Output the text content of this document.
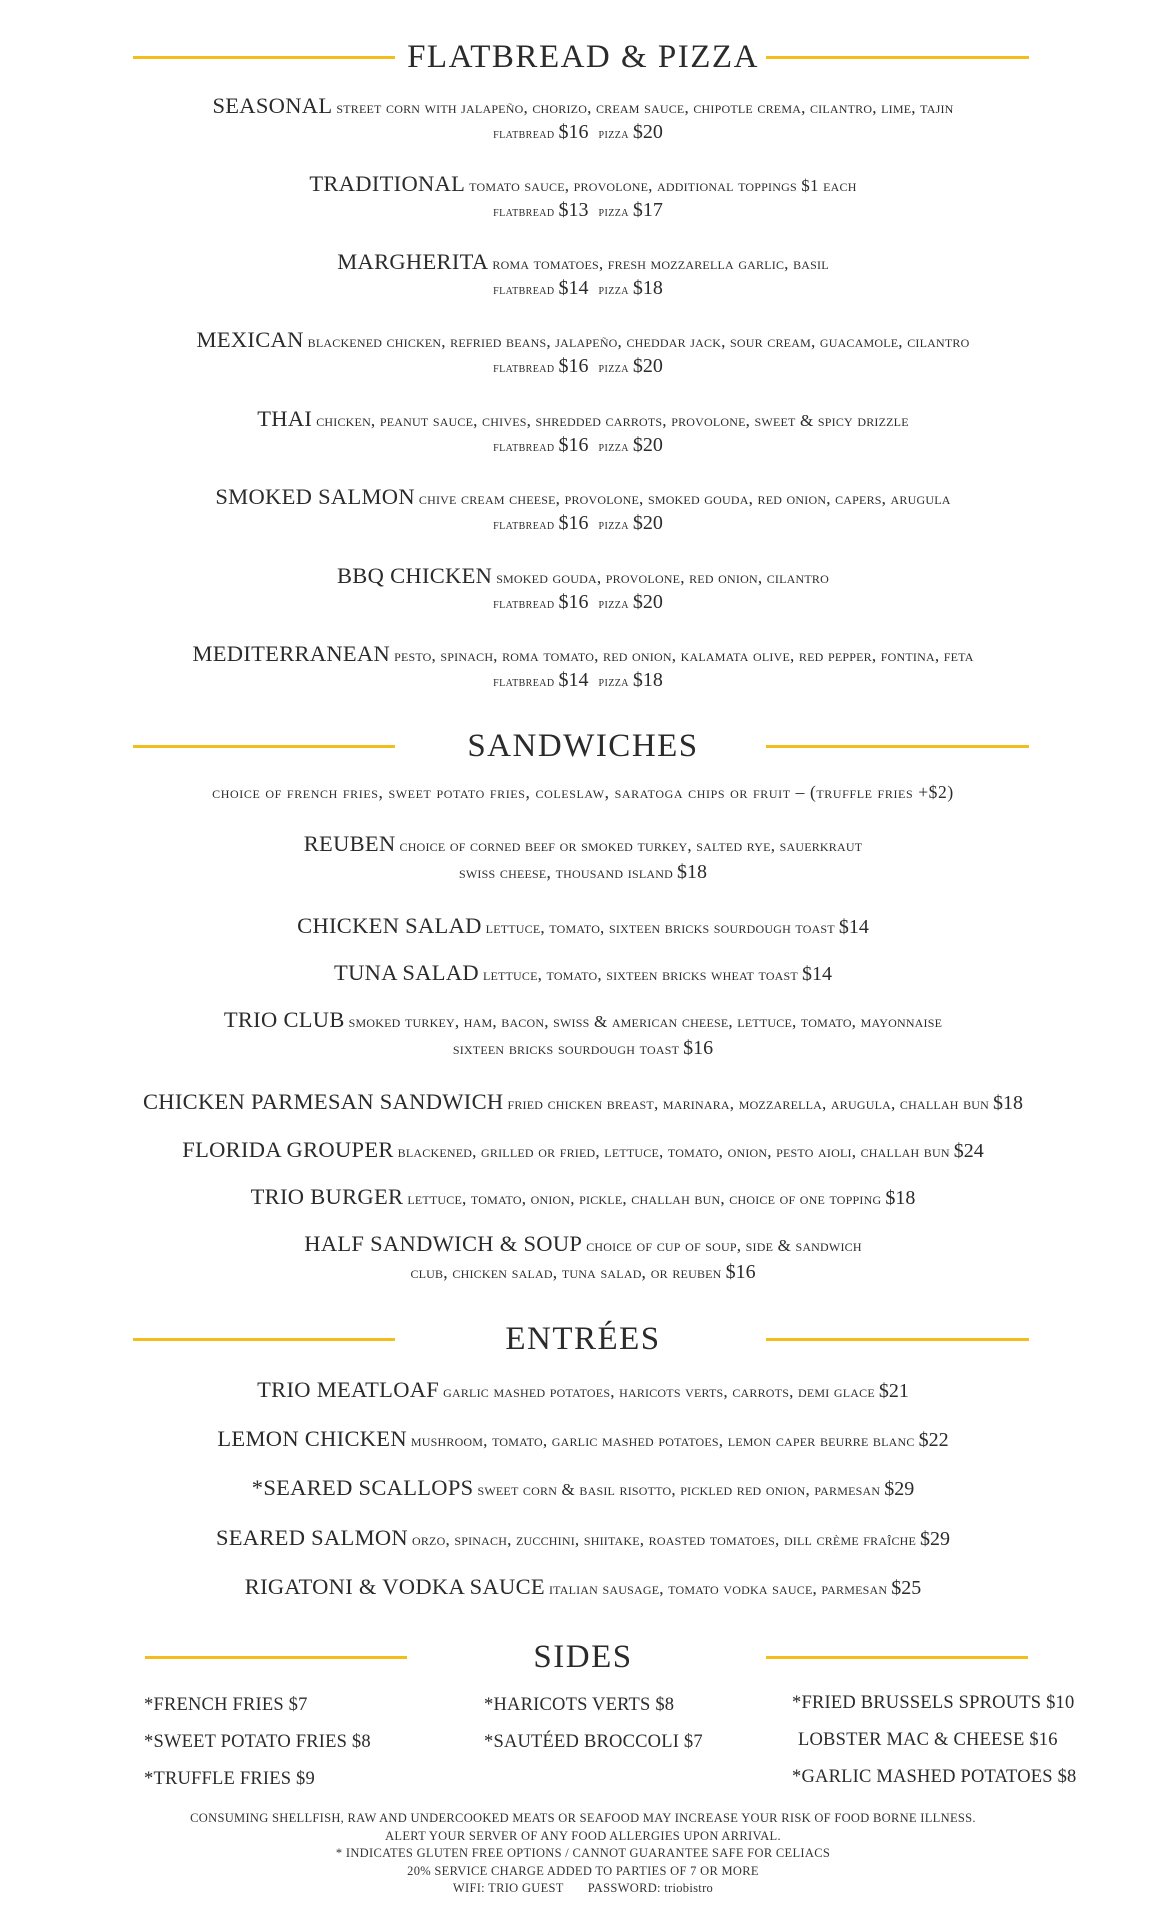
FLATBREAD & PIZZA
SEASONAL street corn with jalapeño, chorizo, cream sauce, chipotle crema, cilantro, lime, tajin
flatbread $16 pizza $20
TRADITIONAL tomato sauce, provolone, additional toppings $1 each
flatbread $13 pizza $17
MARGHERITA roma tomatoes, fresh mozzarella garlic, basil
flatbread $14 pizza $18
MEXICAN blackened chicken, refried beans, jalapeño, cheddar jack, sour cream, guacamole, cilantro
flatbread $16 pizza $20
THAI chicken, peanut sauce, chives, shredded carrots, provolone, sweet & spicy drizzle
flatbread $16 pizza $20
SMOKED SALMON chive cream cheese, provolone, smoked gouda, red onion, capers, arugula
flatbread $16 pizza $20
BBQ CHICKEN smoked gouda, provolone, red onion, cilantro
flatbread $16 pizza $20
MEDITERRANEAN pesto, spinach, roma tomato, red onion, kalamata olive, red pepper, fontina, feta
flatbread $14 pizza $18
SANDWICHES
choice of french fries, sweet potato fries, coleslaw, saratoga chips or fruit – (truffle fries +$2)
REUBEN choice of corned beef or smoked turkey, salted rye, sauerkraut
swiss cheese, thousand island $18
CHICKEN SALAD lettuce, tomato, sixteen bricks sourdough toast $14
TUNA SALAD lettuce, tomato, sixteen bricks wheat toast $14
TRIO CLUB smoked turkey, ham, bacon, swiss & american cheese, lettuce, tomato, mayonnaise
sixteen bricks sourdough toast $16
CHICKEN PARMESAN SANDWICH fried chicken breast, marinara, mozzarella, arugula, challah bun $18
FLORIDA GROUPER blackened, grilled or fried, lettuce, tomato, onion, pesto aioli, challah bun $24
TRIO BURGER lettuce, tomato, onion, pickle, challah bun, choice of one topping $18
HALF SANDWICH & SOUP choice of cup of soup, side & sandwich
club, chicken salad, tuna salad, or reuben $16
ENTRÉES
TRIO MEATLOAF garlic mashed potatoes, haricots verts, carrots, demi glace $21
LEMON CHICKEN mushroom, tomato, garlic mashed potatoes, lemon caper beurre blanc $22
*SEARED SCALLOPS sweet corn & basil risotto, pickled red onion, parmesan $29
SEARED SALMON orzo, spinach, zucchini, shiitake, roasted tomatoes, dill crème fraîche $29
RIGATONI & VODKA SAUCE italian sausage, tomato vodka sauce, parmesan $25
SIDES
*FRENCH FRIES $7
*SWEET POTATO FRIES $8
*TRUFFLE FRIES $9
*HARICOTS VERTS $8
*SAUTÉED BROCCOLI $7
*FRIED BRUSSELS SPROUTS $10
LOBSTER MAC & CHEESE $16
*GARLIC MASHED POTATOES $8
CONSUMING SHELLFISH, RAW AND UNDERCOOKED MEATS OR SEAFOOD MAY INCREASE YOUR RISK OF FOOD BORNE ILLNESS.
ALERT YOUR SERVER OF ANY FOOD ALLERGIES UPON ARRIVAL.
* INDICATES GLUTEN FREE OPTIONS / CANNOT GUARANTEE SAFE FOR CELIACS
20% SERVICE CHARGE ADDED TO PARTIES OF 7 OR MORE
WIFI: TRIO GUEST PASSWORD: triobistro
